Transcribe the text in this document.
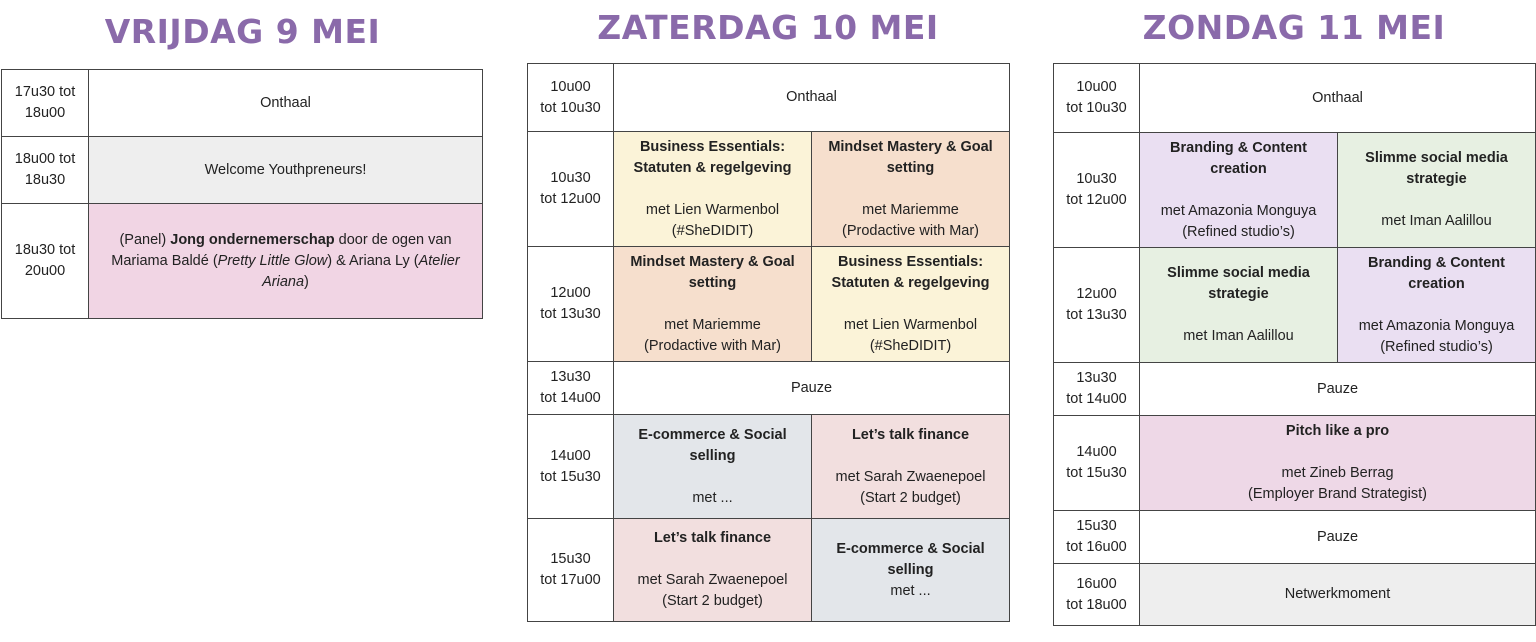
VRIJDAG 9 MEI
17u30 tot
18u00	Onthaal

18u00 tot
18u30	Welcome Youthpreneurs!

18u30 tot
20u00	(Panel) Jong ondernemerschap door de ogen van Mariama Baldé (Pretty Little Glow) & Ariana Ly (Atelier Ariana)
ZATERDAG 10 MEI
10u00
tot 10u30	Onthaal	

10u30
tot 12u00	Business Essentials: Statuten & regelgeving
met Lien Warmenbol
(#SheDIDIT)	Mindset Mastery & Goal setting
met Mariemme
(Prodactive with Mar)

12u00
tot 13u30	Mindset Mastery & Goal setting
met Mariemme
(Prodactive with Mar)	Business Essentials: Statuten & regelgeving
met Lien Warmenbol
(#SheDIDIT)

13u30
tot 14u00	Pauze	

14u00
tot 15u30	E-commerce & Social selling
met ...	Let’s talk finance
met Sarah Zwaenepoel
(Start 2 budget)

15u30
tot 17u00	Let’s talk finance
met Sarah Zwaenepoel
(Start 2 budget)	E-commerce & Social selling
met ...
ZONDAG 11 MEI
10u00
tot 10u30	Onthaal	

10u30
tot 12u00	Branding & Content creation
met Amazonia Monguya
(Refined studio’s)	Slimme social media strategie
met Iman Aalillou

12u00
tot 13u30	Slimme social media strategie
met Iman Aalillou	Branding & Content creation
met Amazonia Monguya
(Refined studio’s)

13u30
tot 14u00	Pauze	

14u00
tot 15u30	Pitch like a pro
met Zineb Berrag
(Employer Brand Strategist)	

15u30
tot 16u00	Pauze	

16u00
tot 18u00	Netwerkmoment	
